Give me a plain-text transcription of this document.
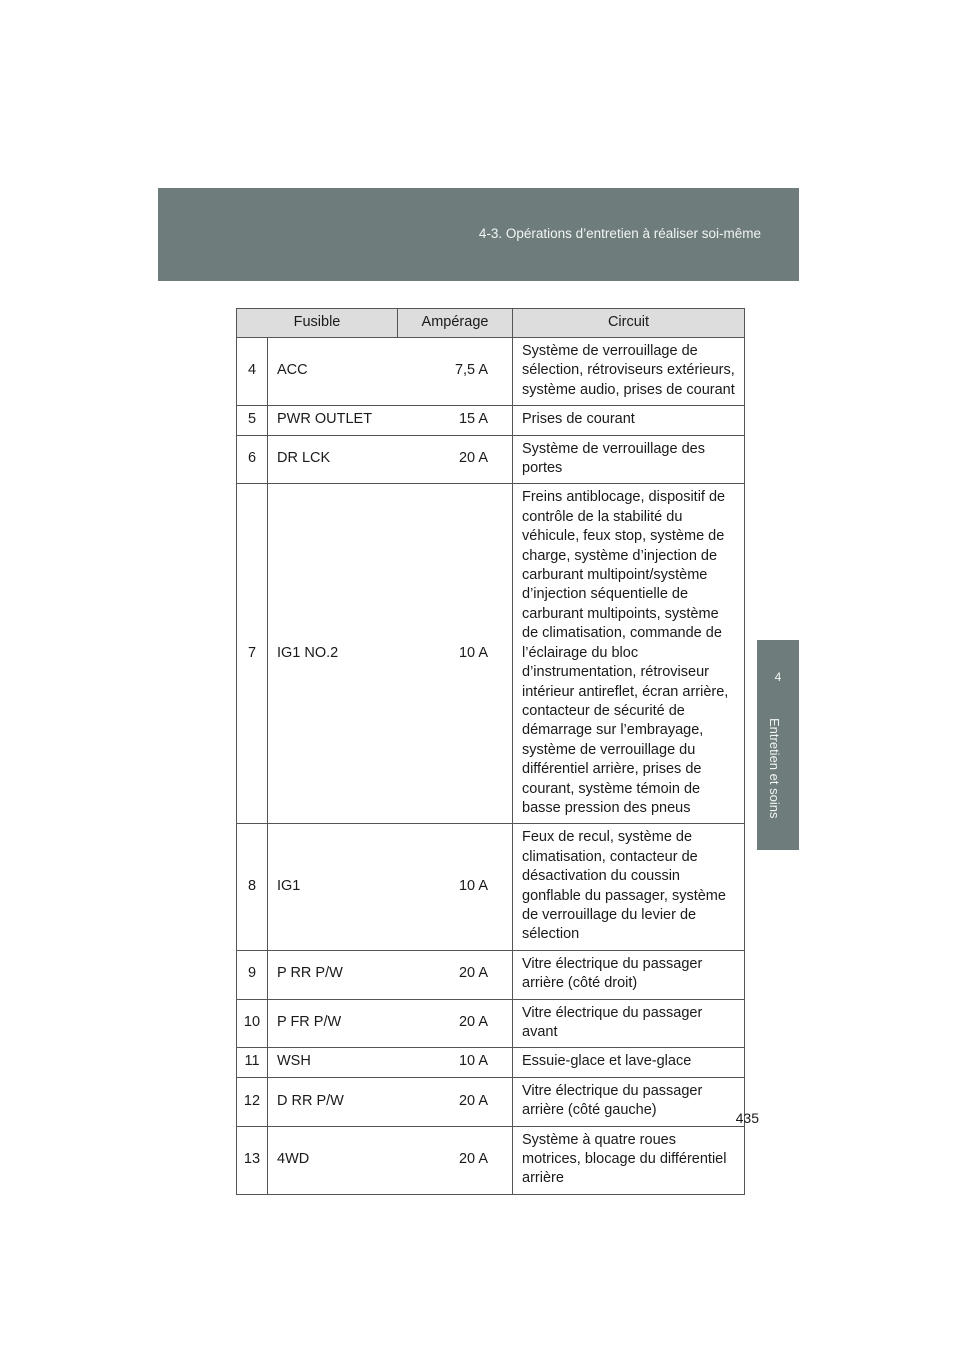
4-3. Opérations d’entretien à réaliser soi-même
4
Entretien et soins
Fusible		Ampérage	Circuit
4	ACC	7,5 A	Système de verrouillage de sélection, rétroviseurs extérieurs, système audio, prises de courant
5	PWR OUTLET	15 A	Prises de courant
6	DR LCK	20 A	Système de verrouillage des portes
7	IG1 NO.2	10 A	Freins antiblocage, dispositif de contrôle de la stabilité du véhicule, feux stop, système de charge, système d’injection de carburant multipoint/système d’injection séquentielle de carburant multipoints, système de climatisation, commande de l’éclairage du bloc d’instrumentation, rétroviseur intérieur antireflet, écran arrière, contacteur de sécurité de démarrage sur l’embrayage, système de verrouillage du différentiel arrière, prises de courant, système témoin de basse pression des pneus
8	IG1	10 A	Feux de recul, système de climatisation, contacteur de désactivation du coussin gonflable du passager, système de verrouillage du levier de sélection
9	P RR P/W	20 A	Vitre électrique du passager arrière (côté droit)
10	P FR P/W	20 A	Vitre électrique du passager avant
11	WSH	10 A	Essuie-glace et lave-glace
12	D RR P/W	20 A	Vitre électrique du passager arrière (côté gauche)
13	4WD	20 A	Système à quatre roues motrices, blocage du différentiel arrière
435
